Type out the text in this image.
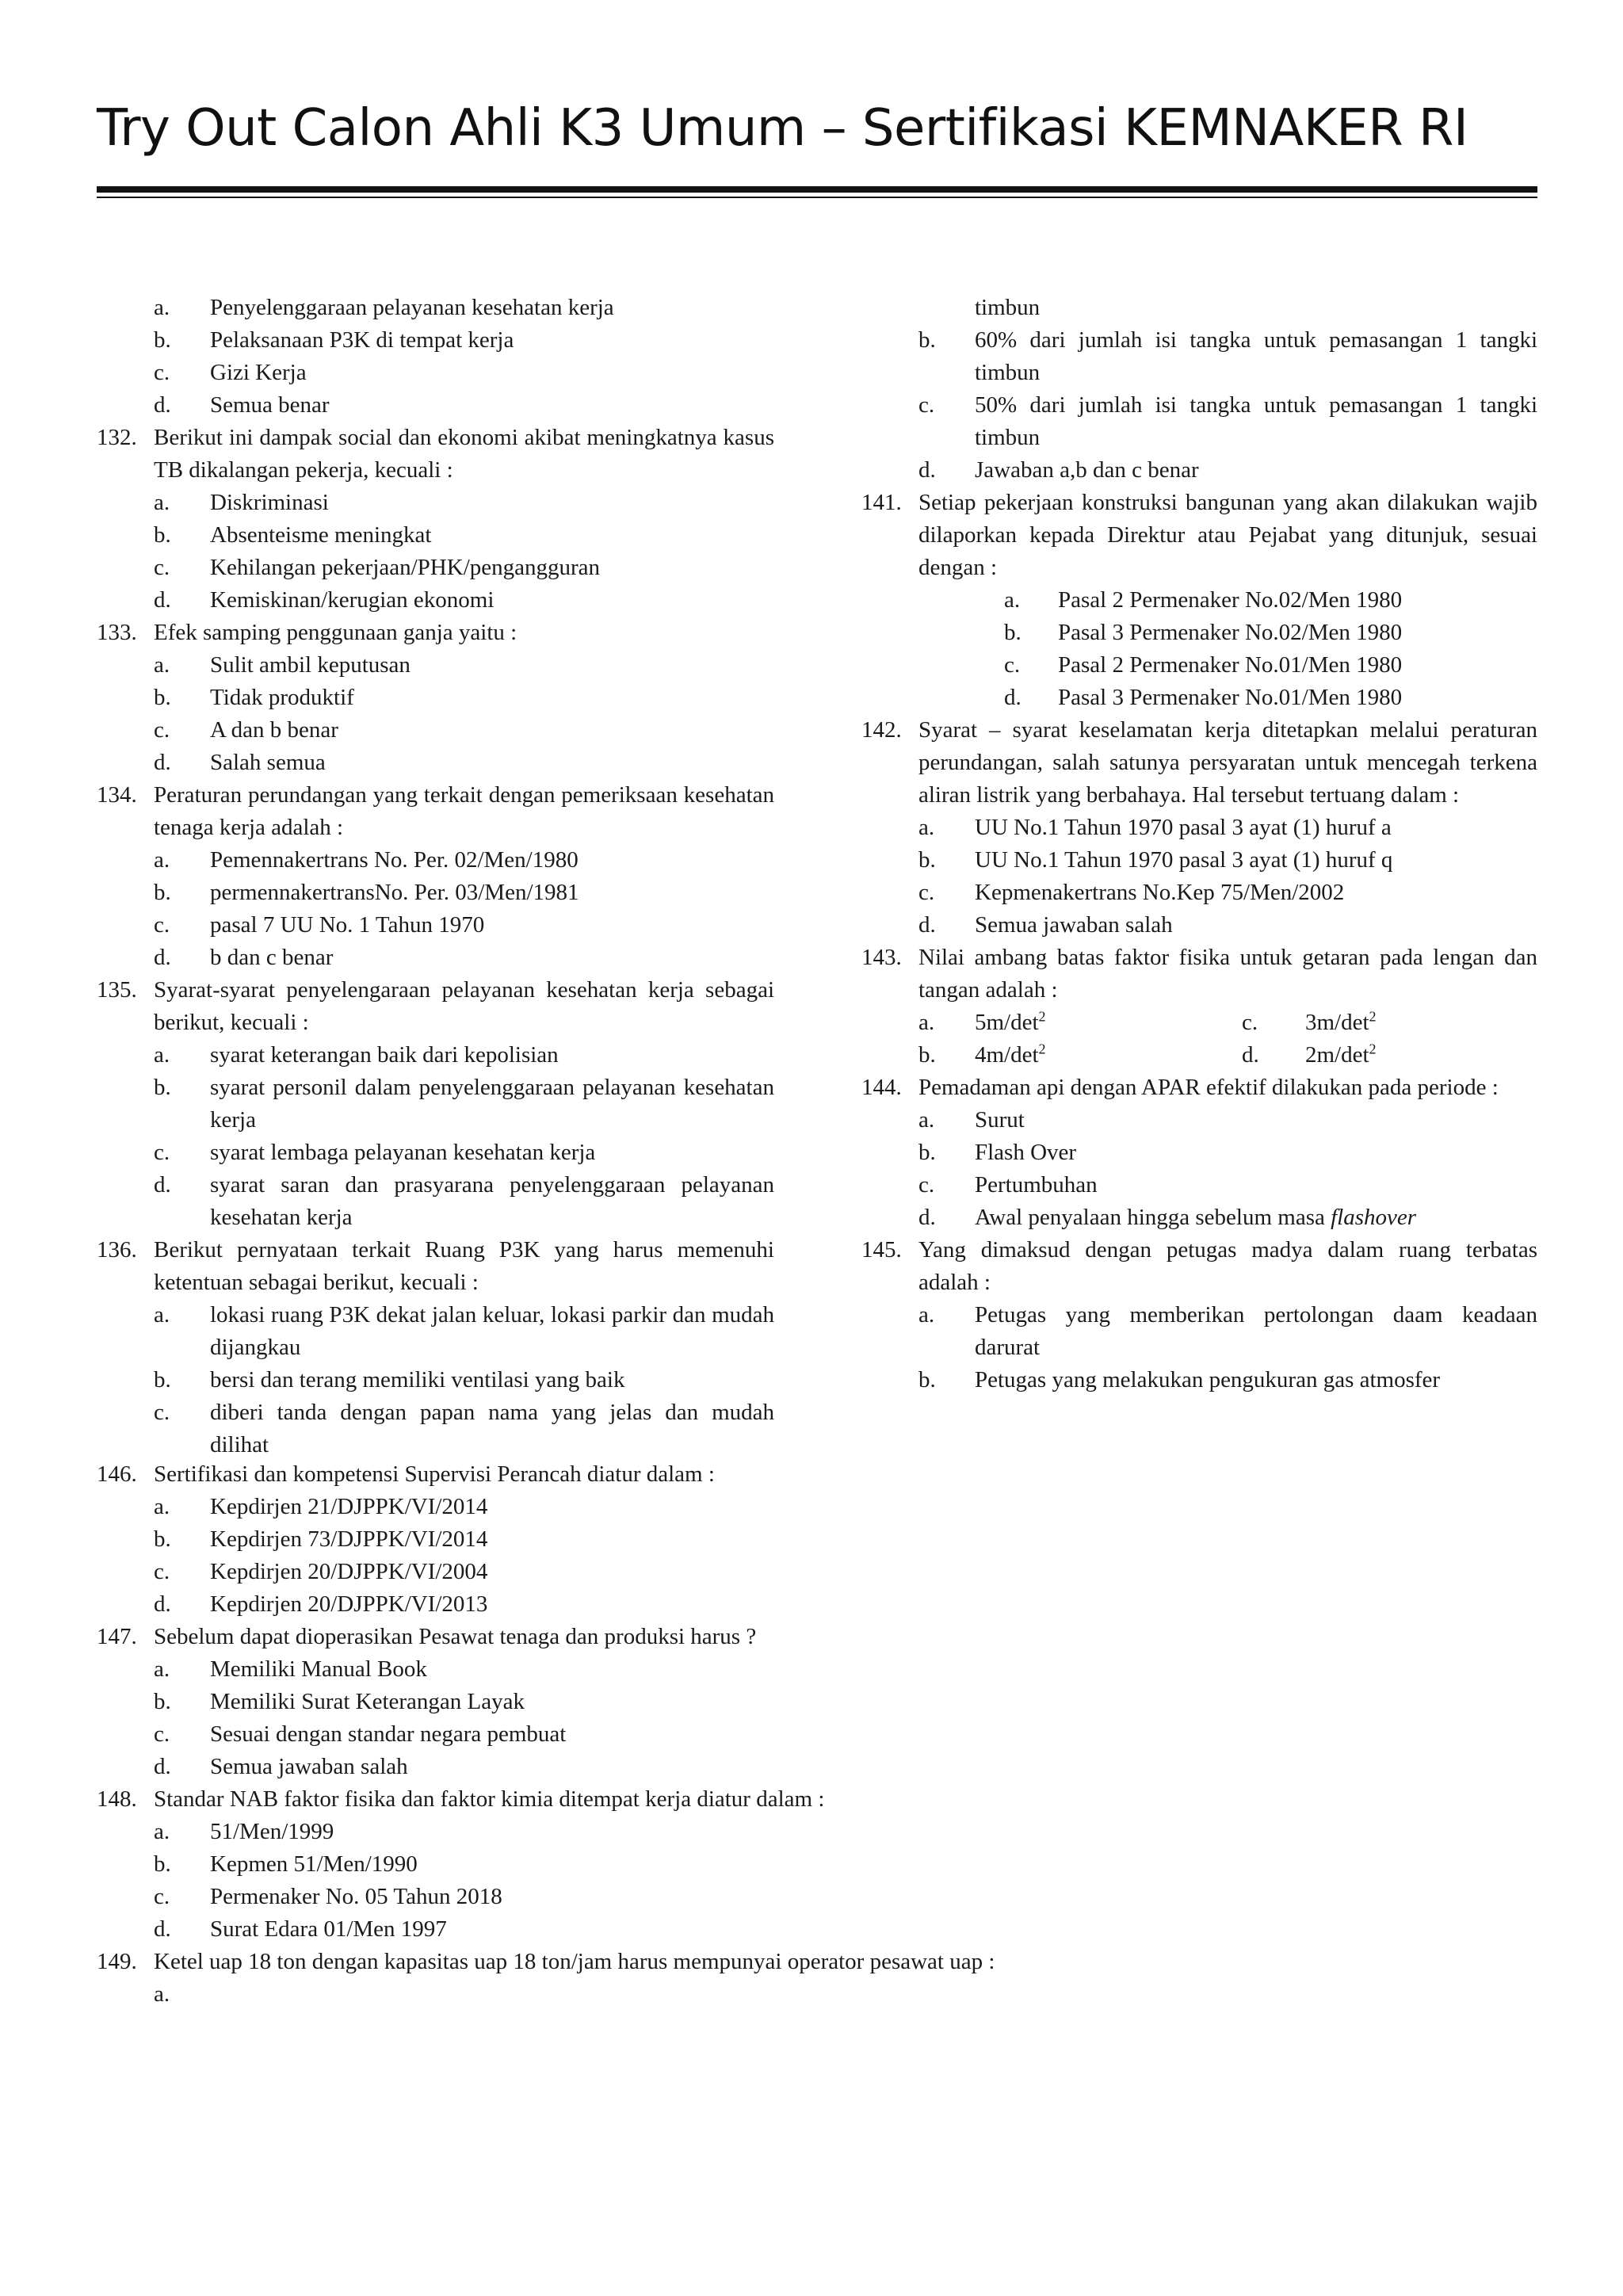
Try Out Calon Ahli K3 Umum – Sertifikasi KEMNAKER RI
a. Penyelenggaraan pelayanan kesehatan kerja
b. Pelaksanaan P3K di tempat kerja
c. Gizi Kerja
d. Semua benar
132. Berikut ini dampak social dan ekonomi akibat meningkatnya kasus TB dikalangan pekerja, kecuali :
a. Diskriminasi
b. Absenteisme meningkat
c. Kehilangan pekerjaan/PHK/pengangguran
d. Kemiskinan/kerugian ekonomi
133. Efek samping penggunaan ganja yaitu :
a. Sulit ambil keputusan
b. Tidak produktif
c. A dan b benar
d. Salah semua
134. Peraturan perundangan yang terkait dengan pemeriksaan kesehatan tenaga kerja adalah :
a. Pemennakertrans No. Per. 02/Men/1980
b. permennakertransNo. Per. 03/Men/1981
c. pasal 7 UU No. 1 Tahun 1970
d. b dan c benar
135. Syarat-syarat penyelengaraan pelayanan kesehatan kerja sebagai berikut, kecuali :
a. syarat keterangan baik dari kepolisian
b. syarat personil dalam penyelenggaraan pelayanan kesehatan kerja
c. syarat lembaga pelayanan kesehatan kerja
d. syarat saran dan prasyarana penyelenggaraan pelayanan kesehatan kerja
136. Berikut pernyataan terkait Ruang P3K yang harus memenuhi ketentuan sebagai berikut, kecuali :
a. lokasi ruang P3K dekat jalan keluar, lokasi parkir dan mudah dijangkau
b. bersi dan terang memiliki ventilasi yang baik
c. diberi tanda dengan papan nama yang jelas dan mudah dilihat
timbun
b. 60% dari jumlah isi tangka untuk pemasangan 1 tangki timbun
c. 50% dari jumlah isi tangka untuk pemasangan 1 tangki timbun
d. Jawaban a,b dan c benar
141. Setiap pekerjaan konstruksi bangunan yang akan dilakukan wajib dilaporkan kepada Direktur atau Pejabat yang ditunjuk, sesuai dengan :
a. Pasal 2 Permenaker No.02/Men 1980
b. Pasal 3 Permenaker No.02/Men 1980
c. Pasal 2 Permenaker No.01/Men 1980
d. Pasal 3 Permenaker No.01/Men 1980
142. Syarat – syarat keselamatan kerja ditetapkan melalui peraturan perundangan, salah satunya persyaratan untuk mencegah terkena aliran listrik yang berbahaya. Hal tersebut tertuang dalam :
a. UU No.1 Tahun 1970 pasal 3 ayat (1) huruf a
b. UU No.1 Tahun 1970 pasal 3 ayat (1) huruf q
c. Kepmenakertrans No.Kep 75/Men/2002
d. Semua jawaban salah
143. Nilai ambang batas faktor fisika untuk getaran pada lengan dan tangan adalah :
a. $5m/\det^2$	c. $3m/\det^2$
b. $4m/\det^2$	d. $2m/\det^2$
144. Pemadaman api dengan APAR efektif dilakukan pada periode :
a. Surut
b. Flash Over
c. Pertumbuhan
d. Awal penyalaan hingga sebelum masa flashover
145. Yang dimaksud dengan petugas madya dalam ruang terbatas adalah :
a. Petugas yang memberikan pertolongan daam keadaan darurat
b. Petugas yang melakukan pengukuran gas atmosfer
146. Sertifikasi dan kompetensi Supervisi Perancah diatur dalam :
a. Kepdirjen 21/DJPPK/VI/2014
b. Kepdirjen 73/DJPPK/VI/2014
c. Kepdirjen 20/DJPPK/VI/2004
d. Kepdirjen 20/DJPPK/VI/2013
147. Sebelum dapat dioperasikan Pesawat tenaga dan produksi harus ?
a. Memiliki Manual Book
b. Memiliki Surat Keterangan Layak
c. Sesuai dengan standar negara pembuat
d. Semua jawaban salah
148. Standar NAB faktor fisika dan faktor kimia ditempat kerja diatur dalam :
a. 51/Men/1999
b. Kepmen 51/Men/1990
c. Permenaker No. 05 Tahun 2018
d. Surat Edara 01/Men 1997
149. Ketel uap 18 ton dengan kapasitas uap 18 ton/jam harus mempunyai operator pesawat uap :
a.
